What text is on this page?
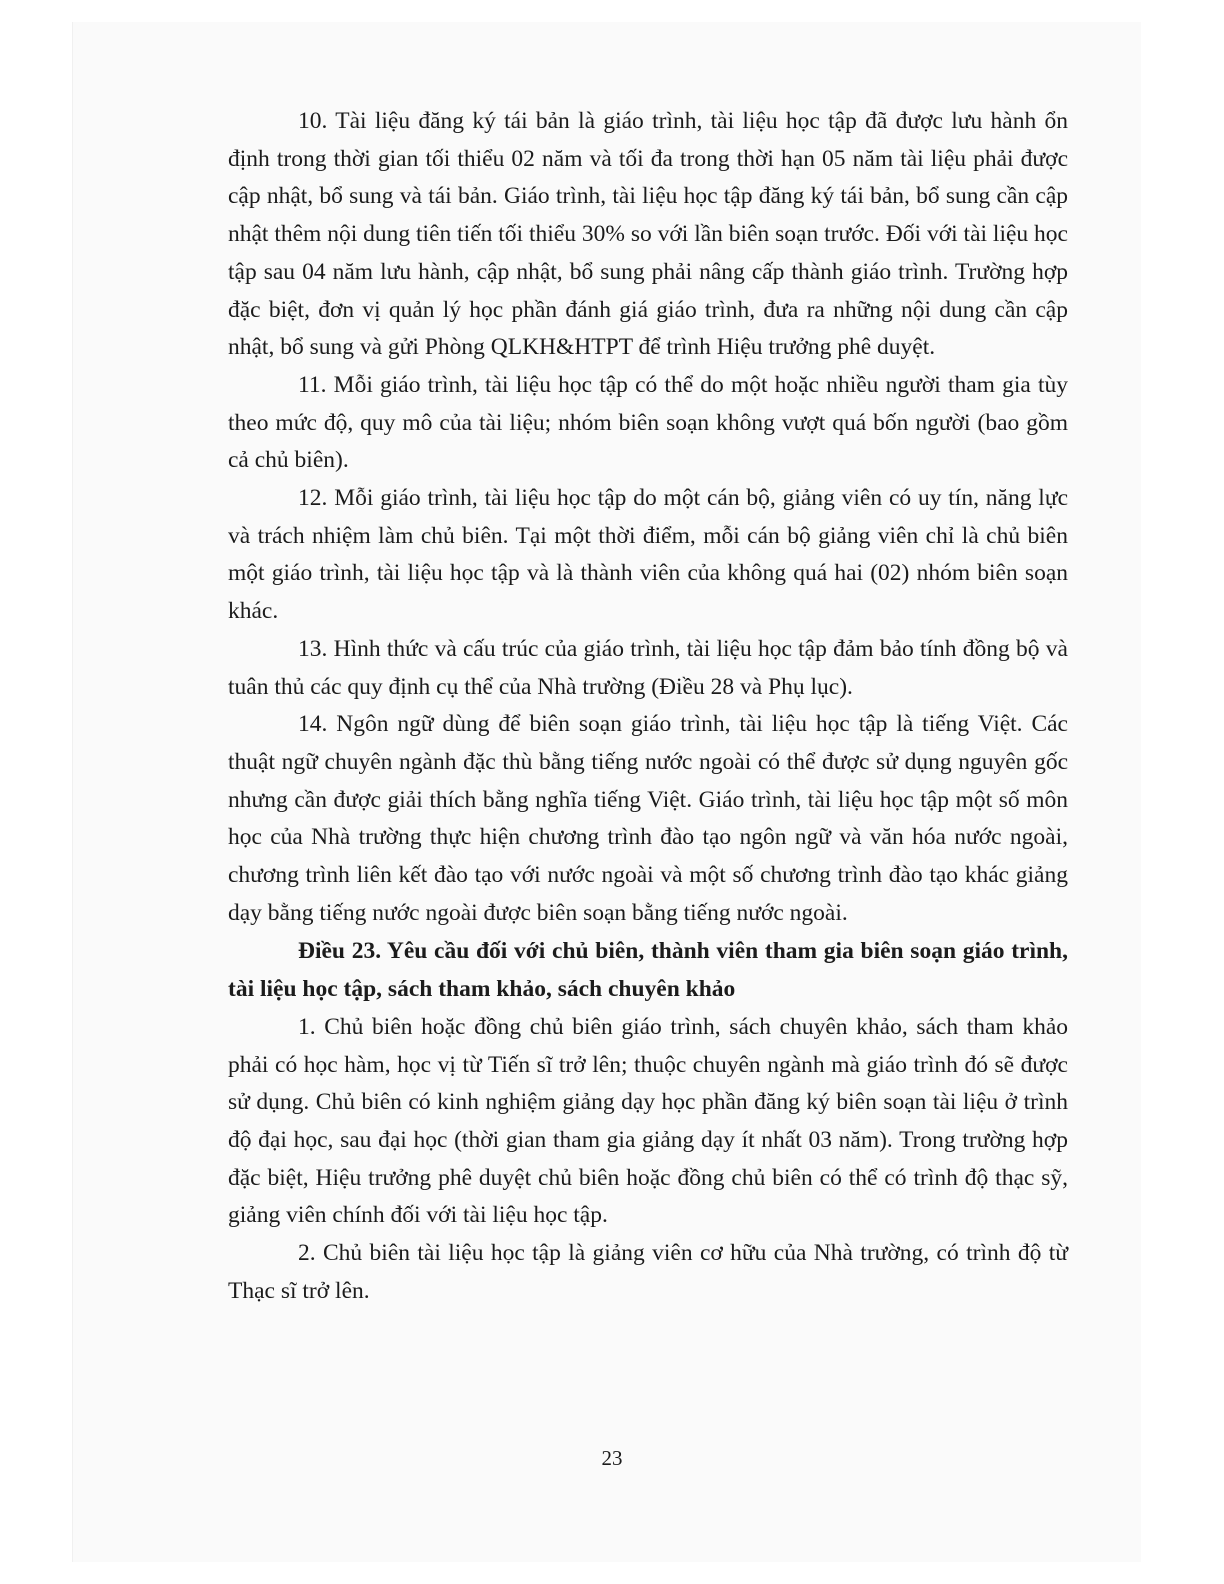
10. Tài liệu đăng ký tái bản là giáo trình, tài liệu học tập đã được lưu hành ổn định trong thời gian tối thiểu 02 năm và tối đa trong thời hạn 05 năm tài liệu phải được cập nhật, bổ sung và tái bản. Giáo trình, tài liệu học tập đăng ký tái bản, bổ sung cần cập nhật thêm nội dung tiên tiến tối thiểu 30% so với lần biên soạn trước. Đối với tài liệu học tập sau 04 năm lưu hành, cập nhật, bổ sung phải nâng cấp thành giáo trình. Trường hợp đặc biệt, đơn vị quản lý học phần đánh giá giáo trình, đưa ra những nội dung cần cập nhật, bổ sung và gửi Phòng QLKH&HTPT để trình Hiệu trưởng phê duyệt.

11. Mỗi giáo trình, tài liệu học tập có thể do một hoặc nhiều người tham gia tùy theo mức độ, quy mô của tài liệu; nhóm biên soạn không vượt quá bốn người (bao gồm cả chủ biên).

12. Mỗi giáo trình, tài liệu học tập do một cán bộ, giảng viên có uy tín, năng lực và trách nhiệm làm chủ biên. Tại một thời điểm, mỗi cán bộ giảng viên chỉ là chủ biên một giáo trình, tài liệu học tập và là thành viên của không quá hai (02) nhóm biên soạn khác.

13. Hình thức và cấu trúc của giáo trình, tài liệu học tập đảm bảo tính đồng bộ và tuân thủ các quy định cụ thể của Nhà trường (Điều 28 và Phụ lục).

14. Ngôn ngữ dùng để biên soạn giáo trình, tài liệu học tập là tiếng Việt. Các thuật ngữ chuyên ngành đặc thù bằng tiếng nước ngoài có thể được sử dụng nguyên gốc nhưng cần được giải thích bằng nghĩa tiếng Việt. Giáo trình, tài liệu học tập một số môn học của Nhà trường thực hiện chương trình đào tạo ngôn ngữ và văn hóa nước ngoài, chương trình liên kết đào tạo với nước ngoài và một số chương trình đào tạo khác giảng dạy bằng tiếng nước ngoài được biên soạn bằng tiếng nước ngoài.

Điều 23. Yêu cầu đối với chủ biên, thành viên tham gia biên soạn giáo trình, tài liệu học tập, sách tham khảo, sách chuyên khảo

1. Chủ biên hoặc đồng chủ biên giáo trình, sách chuyên khảo, sách tham khảo phải có học hàm, học vị từ Tiến sĩ trở lên; thuộc chuyên ngành mà giáo trình đó sẽ được sử dụng. Chủ biên có kinh nghiệm giảng dạy học phần đăng ký biên soạn tài liệu ở trình độ đại học, sau đại học (thời gian tham gia giảng dạy ít nhất 03 năm). Trong trường hợp đặc biệt, Hiệu trưởng phê duyệt chủ biên hoặc đồng chủ biên có thể có trình độ thạc sỹ, giảng viên chính đối với tài liệu học tập.

2. Chủ biên tài liệu học tập là giảng viên cơ hữu của Nhà trường, có trình độ từ Thạc sĩ trở lên.

23
